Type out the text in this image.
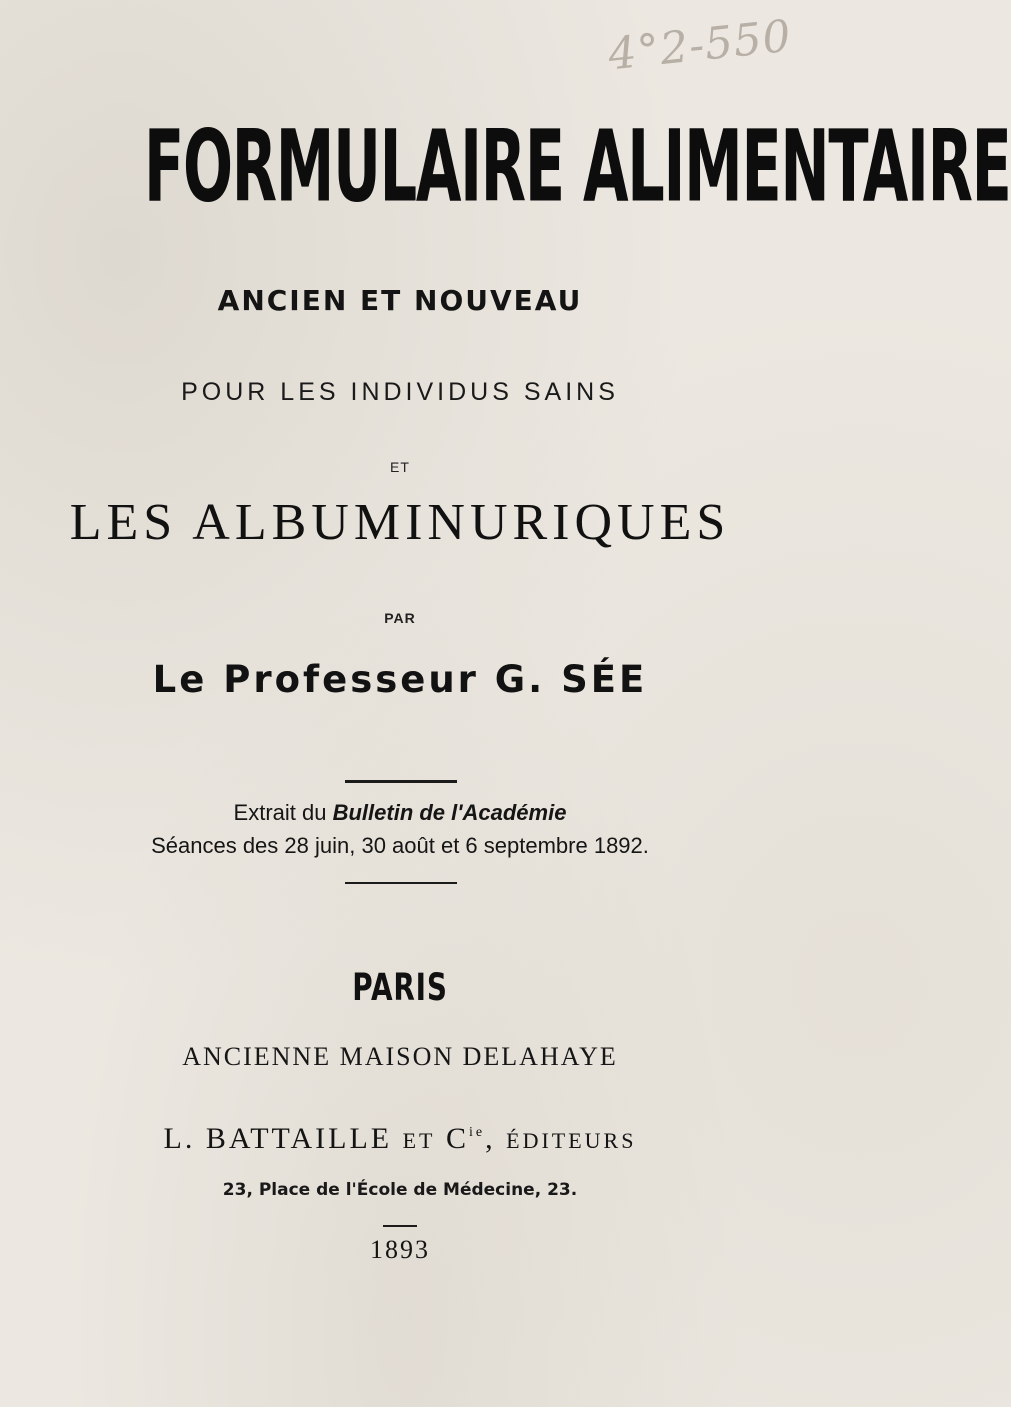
4°2-550
FORMULAIRE ALIMENTAIRE
ANCIEN ET NOUVEAU
POUR LES INDIVIDUS SAINS
ET
LES ALBUMINURIQUES
PAR
Le Professeur G. SÉE
Extrait du Bulletin de l'Académie
Séances des 28 juin, 30 août et 6 septembre 1892.
PARIS
ANCIENNE MAISON DELAHAYE
L. BATTAILLE ET $C^{ie}$, ÉDITEURS
23, Place de l'École de Médecine, 23.
1893
